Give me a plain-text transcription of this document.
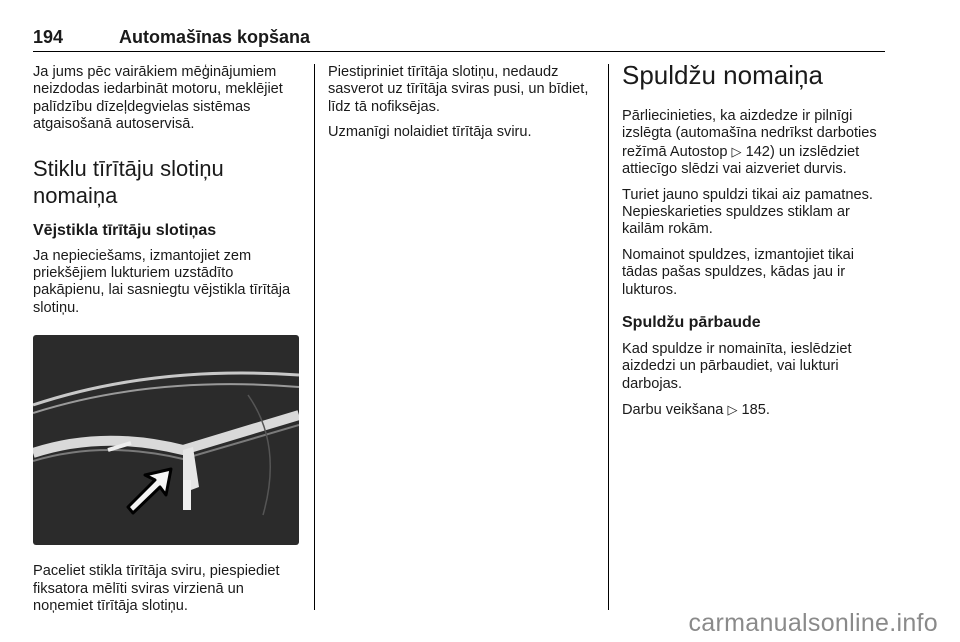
194	Automašīnas kopšana

Ja jums pēc vairākiem mēģinājumiem neizdodas iedarbināt motoru, meklējiet palīdzību dīzeļdegvielas sistēmas atgaisošanā autoservisā.

Stiklu tīrītāju slotiņu nomaiņa
Vējstikla tīrītāju slotiņas

Ja nepieciešams, izmantojiet zem priekšējiem lukturiem uzstādīto pakāpienu, lai sasniegtu vējstikla tīrītāja slotiņu.

Paceliet stikla tīrītāja sviru, piespiediet fiksatora mēlīti sviras virzienā un noņemiet tīrītāja slotiņu.

Piestipriniet tīrītāja slotiņu, nedaudz sasverot uz tīrītāja sviras pusi, un bīdiet, līdz tā nofiksējas.

Uzmanīgi nolaidiet tīrītāja sviru.

Spuldžu nomaiņa

Pārliecinieties, ka aizdedze ir pilnīgi izslēgta (automašīna nedrīkst darboties režīmā Autostop ▷ 142) un izslēdziet attiecīgo slēdzi vai aizveriet durvis.

Turiet jauno spuldzi tikai aiz pamatnes. Nepieskarieties spuldzes stiklam ar kailām rokām.

Nomainot spuldzes, izmantojiet tikai tādas pašas spuldzes, kādas jau ir lukturos.

Spuldžu pārbaude

Kad spuldze ir nomainīta, ieslēdziet aizdedzi un pārbaudiet, vai lukturi darbojas.

Darbu veikšana ▷ 185.

carmanualsonline.info
